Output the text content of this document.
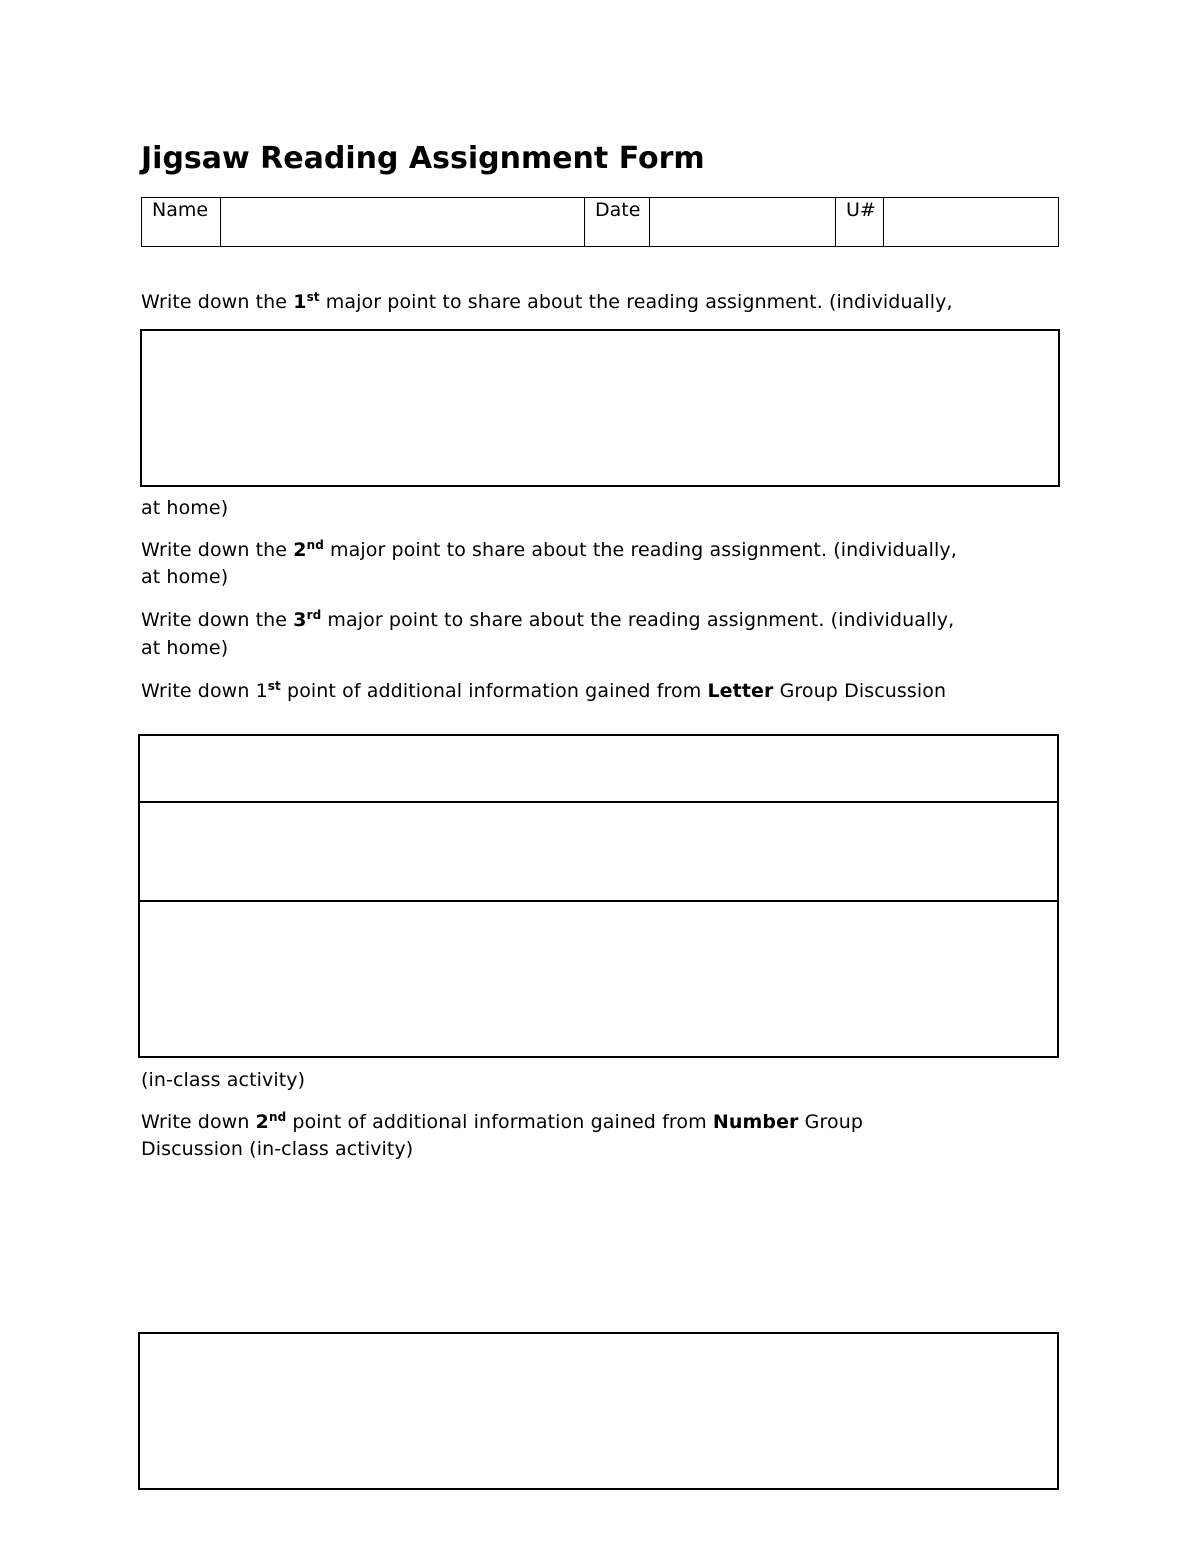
Jigsaw Reading Assignment Form
Name		Date		U#	
Write down the 1st major point to share about the reading assignment. (individually,
at home)
Write down the 2nd major point to share about the reading assignment. (individually,
at home)
Write down the 3rd major point to share about the reading assignment. (individually,
at home)
Write down 1st point of additional information gained from Letter Group Discussion
(in-class activity)
Write down 2nd point of additional information gained from Number Group
Discussion (in-class activity)
